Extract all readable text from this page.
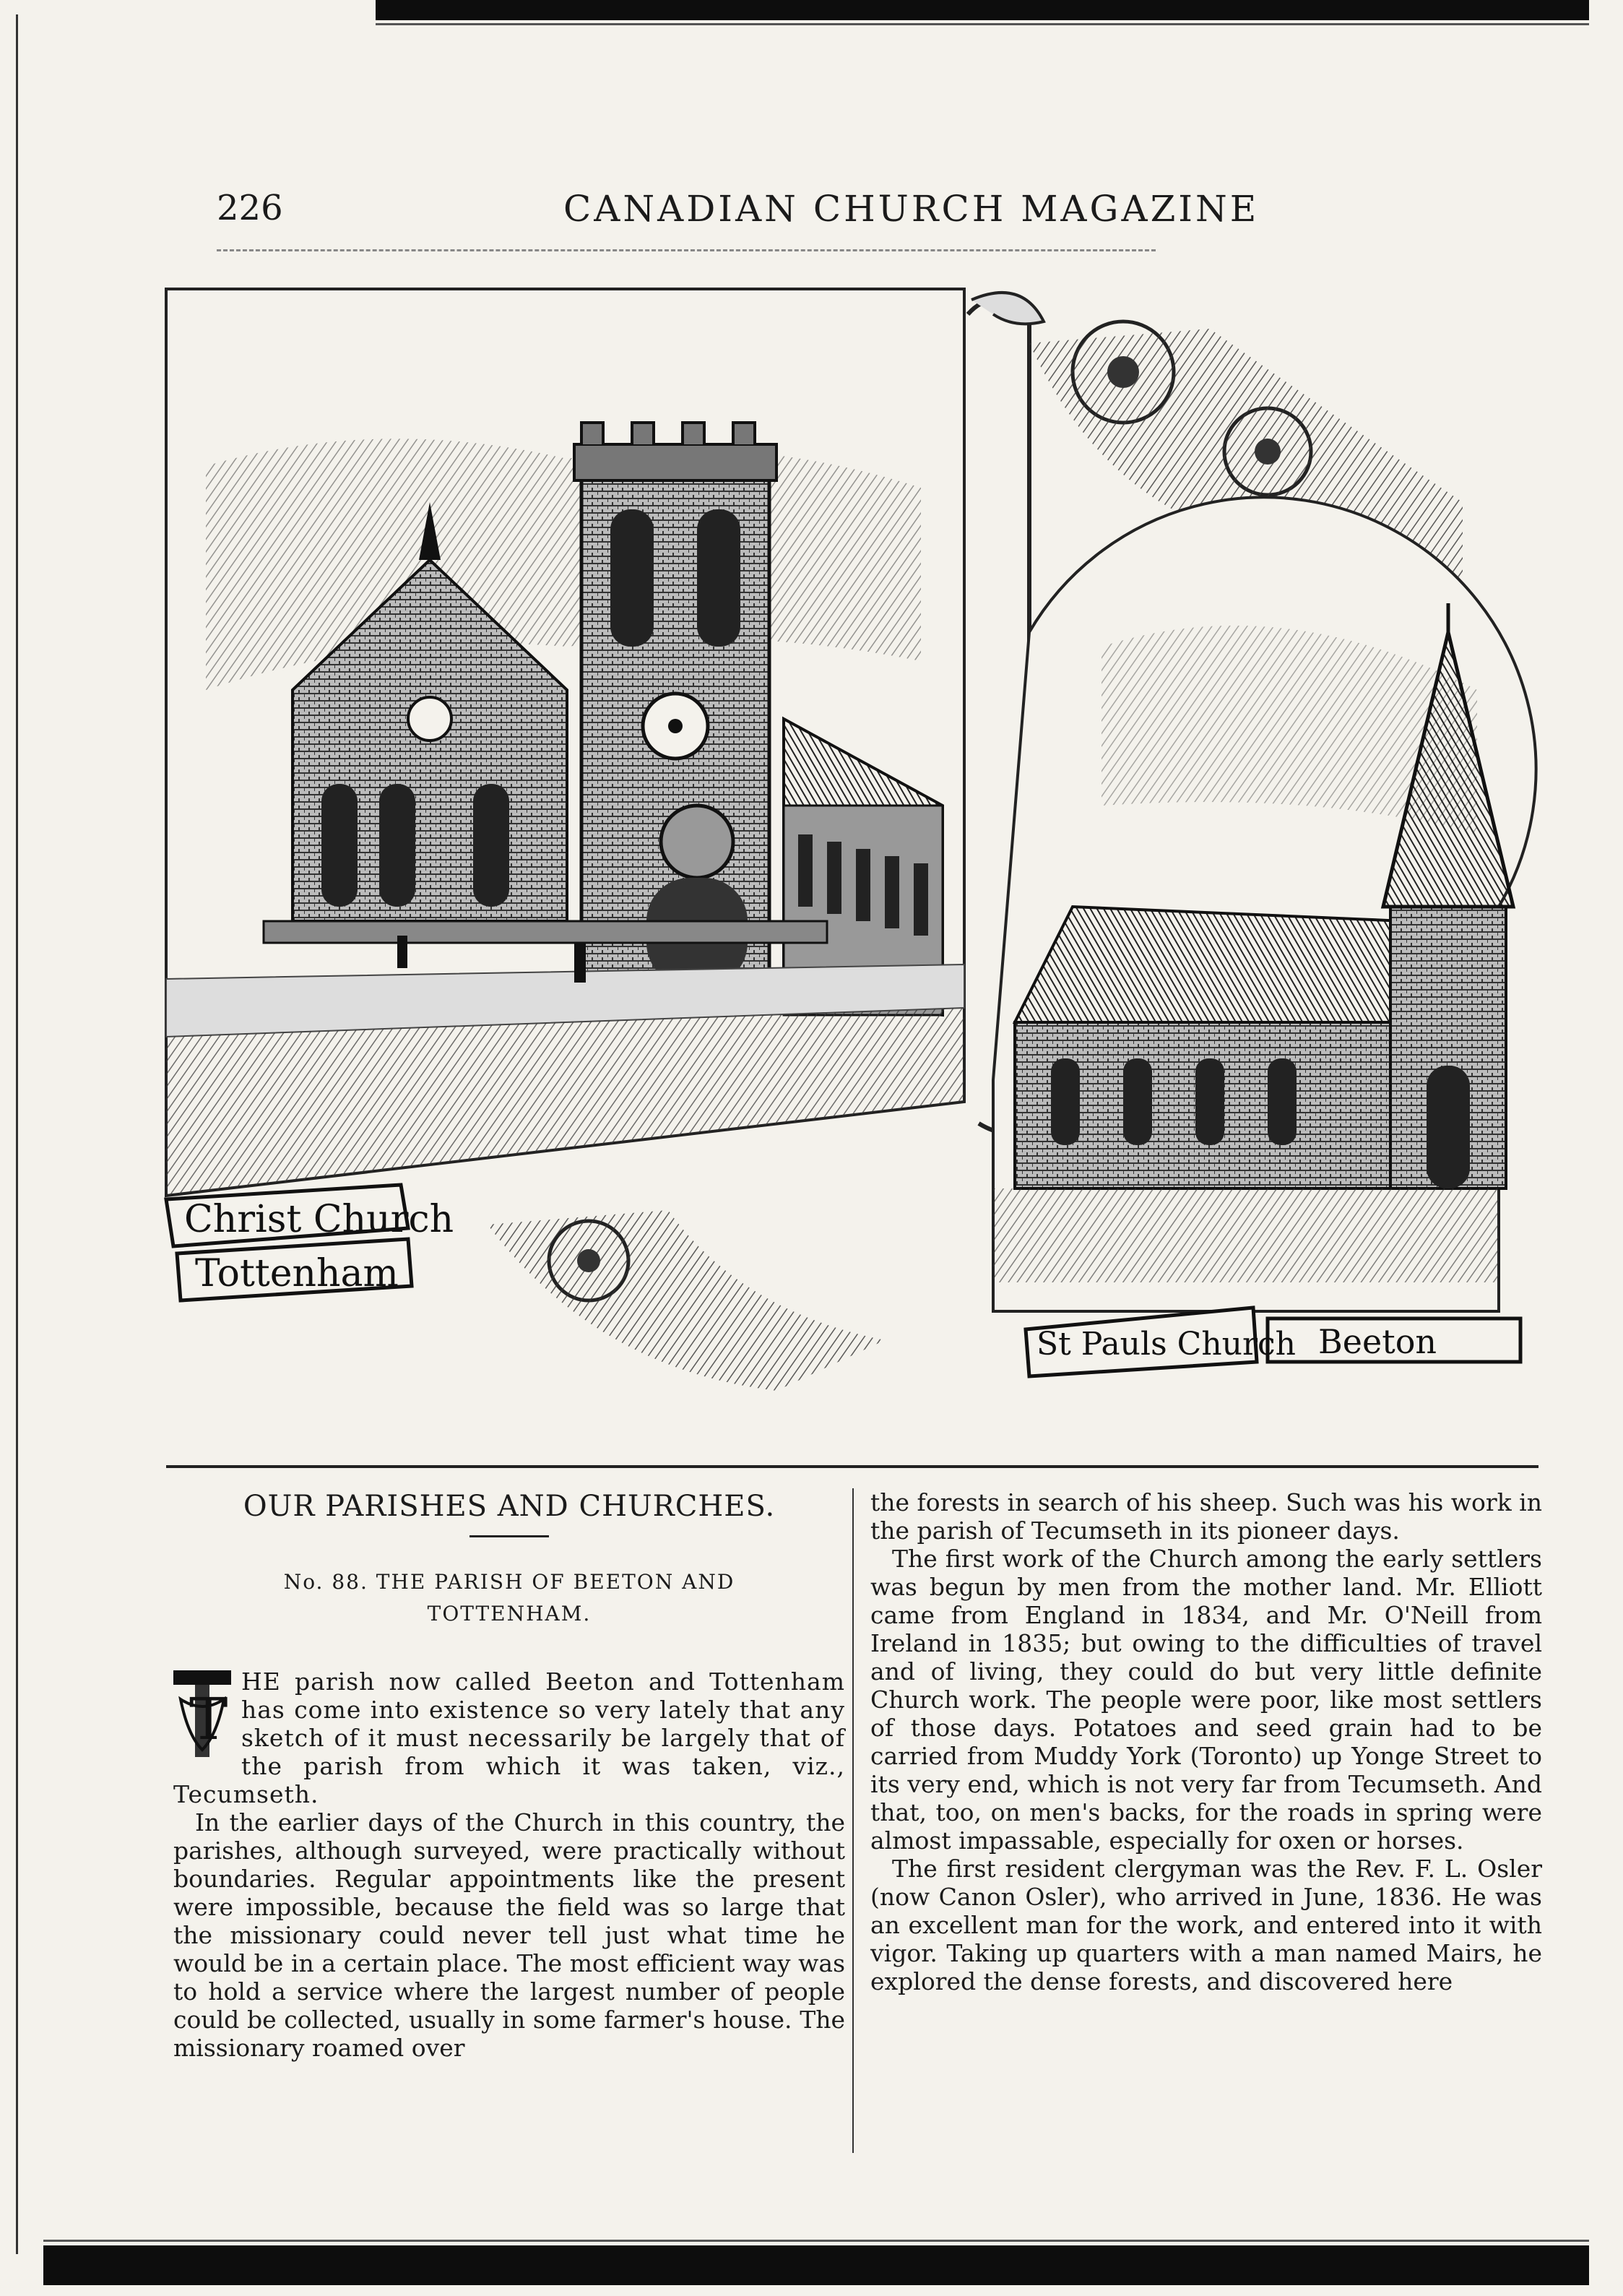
226	CANADIAN CHURCH MAGAZINE
Christ Church
Tottenham
St Pauls Church Beeton
OUR PARISHES AND CHURCHES.
No. 88. THE PARISH OF BEETON AND
TOTTENHAM.

T
HE parish now called Beeton and Tottenham has come into existence so very lately that any sketch of it must necessarily be largely that of the parish from which it was taken, viz., Tecumseth.

In the earlier days of the Church in this country, the parishes, although surveyed, were practically without boundaries. Regular appointments like the present were impossible, because the field was so large that the missionary could never tell just what time he would be in a certain place. The most efficient way was to hold a service where the largest number of people could be collected, usually in some farmer's house. The missionary roamed over

the forests in search of his sheep. Such was his work in the parish of Tecumseth in its pioneer days.

The first work of the Church among the early settlers was begun by men from the mother land. Mr. Elliott came from England in 1834, and Mr. O'Neill from Ireland in 1835; but owing to the difficulties of travel and of living, they could do but very little definite Church work. The people were poor, like most settlers of those days. Potatoes and seed grain had to be carried from Muddy York (Toronto) up Yonge Street to its very end, which is not very far from Tecumseth. And that, too, on men's backs, for the roads in spring were almost impassable, especially for oxen or horses.

The first resident clergyman was the Rev. F. L. Osler (now Canon Osler), who arrived in June, 1836. He was an excellent man for the work, and entered into it with vigor. Taking up quarters with a man named Mairs, he explored the dense forests, and discovered here
